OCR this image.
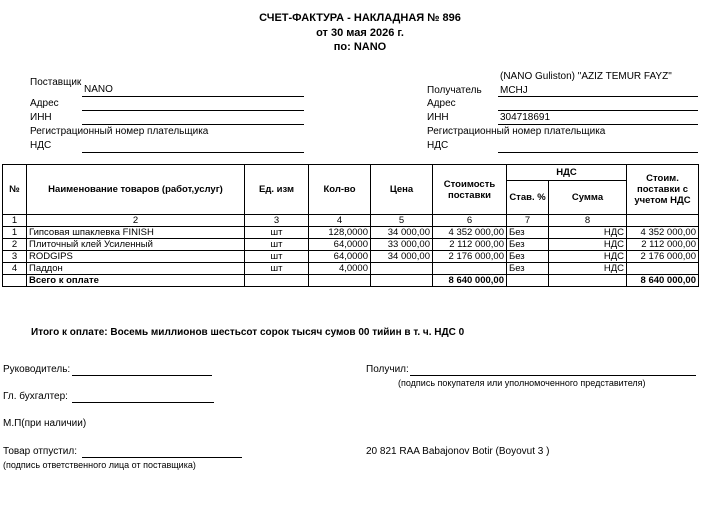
СЧЕТ-ФАКТУРА - НАКЛАДНАЯ № 896
от 30 мая 2026 г.
по: NANO
Поставщик
NANO
Адрес
ИНН
Регистрационный номер плательщика
НДС
(NANO Guliston) "AZIZ TEMUR FAYZ"
Получатель MCHJ
Адрес
ИНН	304718691
Регистрационный номер плательщика
НДС
№	Наименование товаров (работ,услуг)	Ед. изм	Кол-во	Цена	Стоимость поставки	НДС		Стоим. поставки с учетом НДС
						Став. %	Сумма	
1	2	3	4	5	6	7	8	
1	Гипсовая шпаклевка FINISH	шт	128,0000	34 000,00	4 352 000,00	Без	НДС	4 352 000,00
2	Плиточный клей Усиленный	шт	64,0000	33 000,00	2 112 000,00	Без	НДС	2 112 000,00
3	RODGIPS	шт	64,0000	34 000,00	2 176 000,00	Без	НДС	2 176 000,00
4	Паддон	шт	4,0000			Без	НДС	
	Всего к оплате				8 640 000,00			8 640 000,00
Итого к оплате: Восемь миллионов шестьсот сорок тысяч сумов 00 тийин в т. ч. НДС 0
Руководитель:	Получил:
(подпись покупателя или уполномоченного представителя)
Гл. бухгалтер:
М.П(при наличии)
Товар отпустил:
(подпись ответственного лица от поставщика)
20 821 RAA Babajonov Botir (Boyovut 3 )
